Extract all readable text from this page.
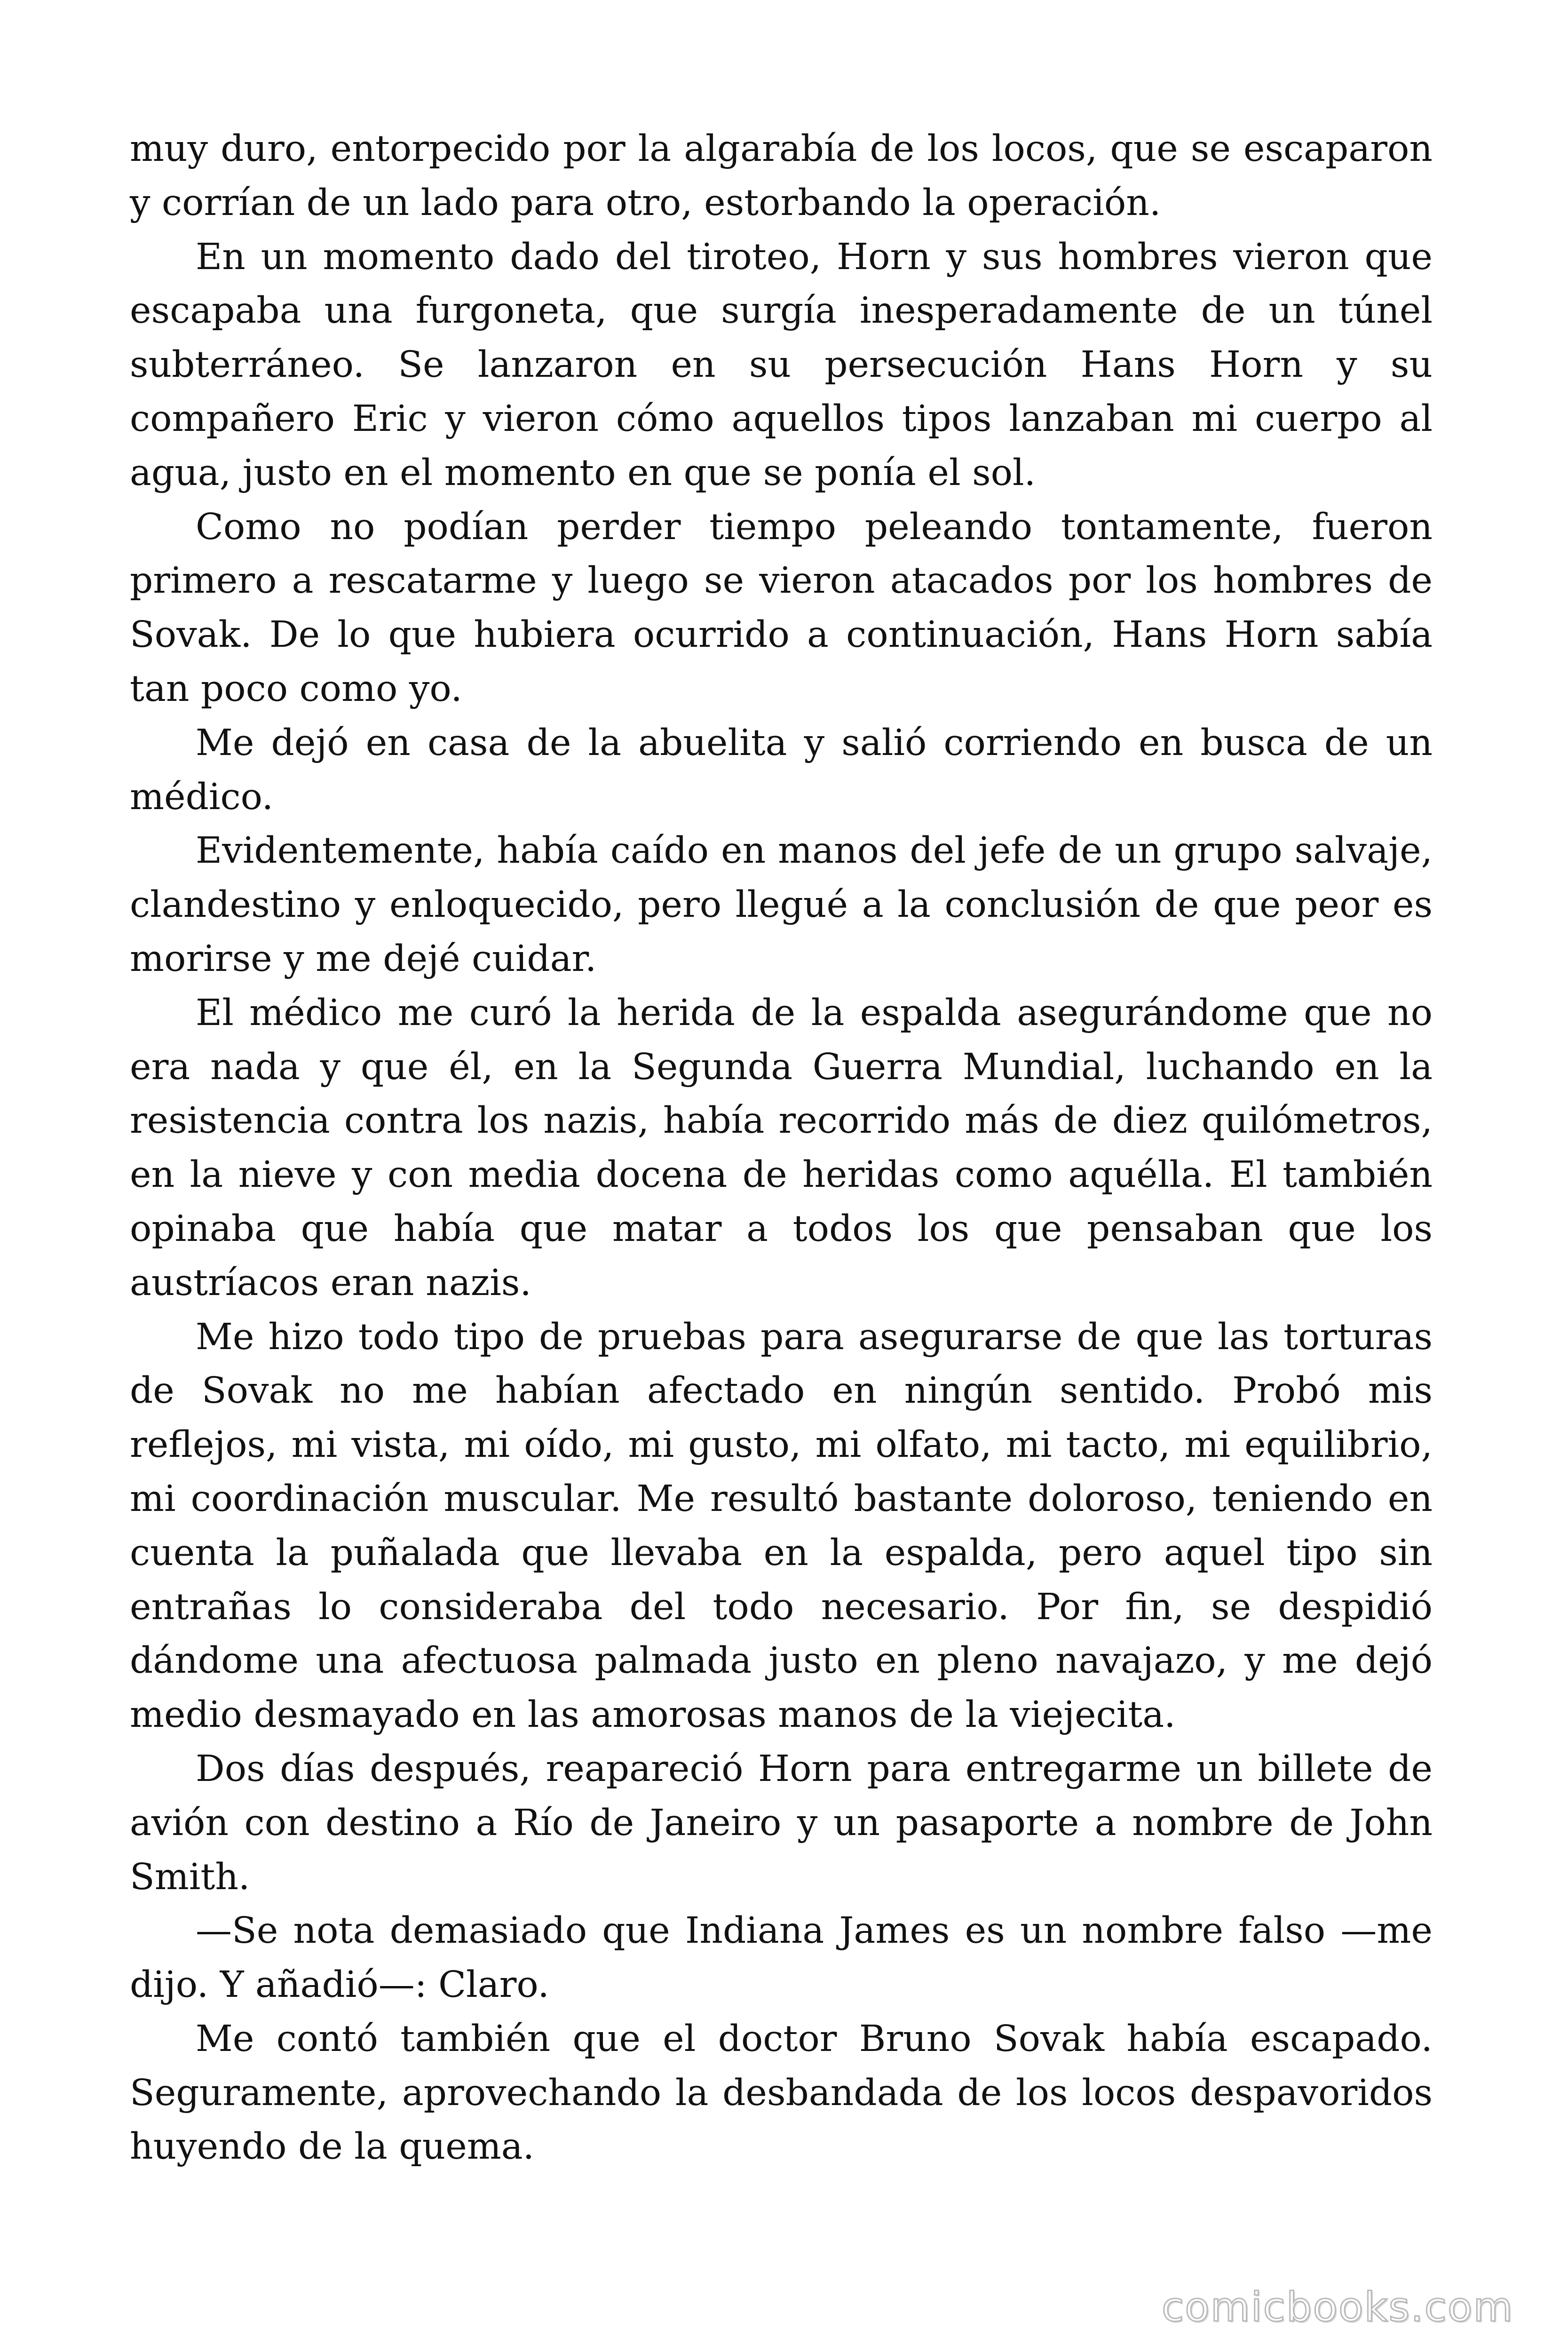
muy duro, entorpecido por la algarabía de los locos, que se escaparon y corrían de un lado para otro, estorbando la operación.

En un momento dado del tiroteo, Horn y sus hombres vieron que escapaba una furgoneta, que surgía inesperadamente de un túnel subterráneo. Se lanzaron en su persecución Hans Horn y su compañero Eric y vieron cómo aquellos tipos lanzaban mi cuerpo al agua, justo en el momento en que se ponía el sol.

Como no podían perder tiempo peleando tontamente, fueron primero a rescatarme y luego se vieron atacados por los hombres de Sovak. De lo que hubiera ocurrido a continuación, Hans Horn sabía tan poco como yo.

Me dejó en casa de la abuelita y salió corriendo en busca de un médico.

Evidentemente, había caído en manos del jefe de un grupo salvaje, clandestino y enloquecido, pero llegué a la conclusión de que peor es morirse y me dejé cuidar.

El médico me curó la herida de la espalda asegurándome que no era nada y que él, en la Segunda Guerra Mundial, luchando en la resistencia contra los nazis, había recorrido más de diez quilómetros, en la nieve y con media docena de heridas como aquélla. El también opinaba que había que matar a todos los que pensaban que los austríacos eran nazis.

Me hizo todo tipo de pruebas para asegurarse de que las torturas de Sovak no me habían afectado en ningún sentido. Probó mis reflejos, mi vista, mi oído, mi gusto, mi olfato, mi tacto, mi equilibrio, mi coordinación muscular. Me resultó bastante doloroso, teniendo en cuenta la puñalada que llevaba en la espalda, pero aquel tipo sin entrañas lo consideraba del todo necesario. Por fin, se despidió dándome una afectuosa palmada justo en pleno navajazo, y me dejó medio desmayado en las amorosas manos de la viejecita.

Dos días después, reapareció Horn para entregarme un billete de avión con destino a Río de Janeiro y un pasaporte a nombre de John Smith.

—Se nota demasiado que Indiana James es un nombre falso —me dijo. Y añadió—: Claro.

Me contó también que el doctor Bruno Sovak había escapado. Seguramente, aprovechando la desbandada de los locos despavoridos huyendo de la quema.

comicbooks.com
